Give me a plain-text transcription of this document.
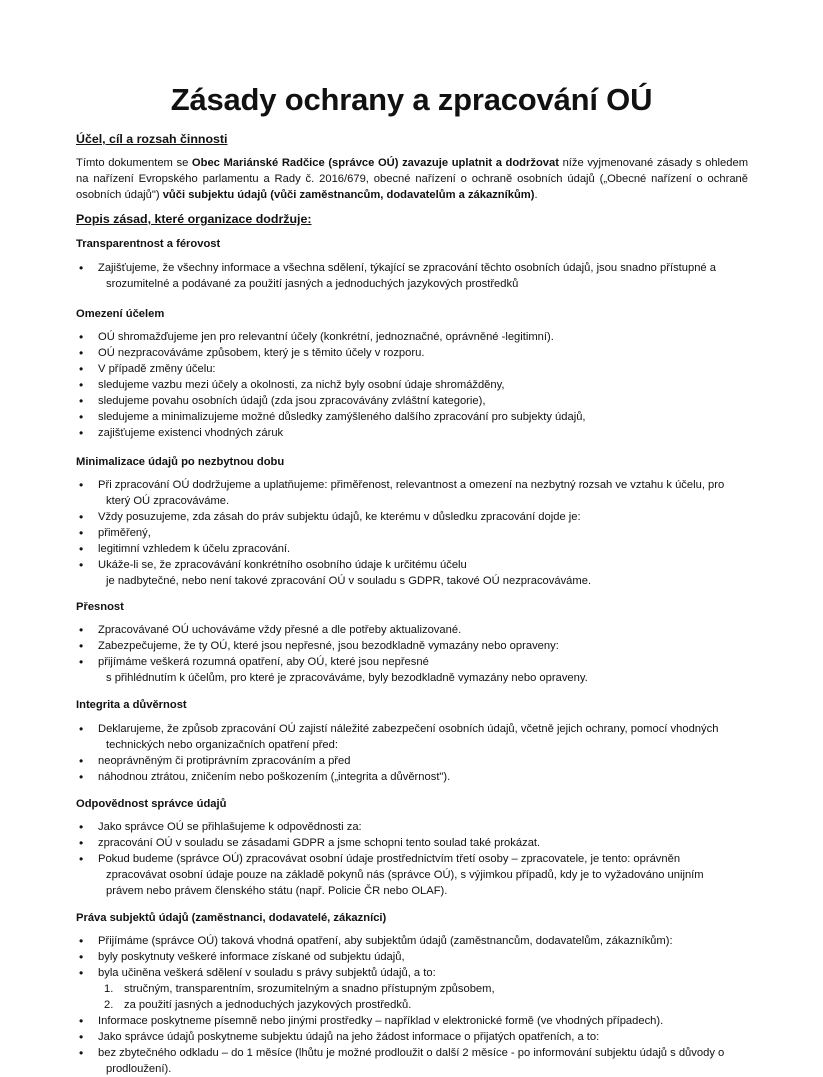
Zásady ochrany a zpracování OÚ
Účel, cíl a rozsah činnosti
Tímto dokumentem se Obec Mariánské Radčice (správce OÚ) zavazuje uplatnit a dodržovat níže vyjmenované zásady s ohledem na nařízení Evropského parlamentu a Rady č. 2016/679, obecné nařízení o ochraně osobních údajů („Obecné nařízení o ochraně osobních údajů") vůči subjektu údajů (vůči zaměstnancům, dodavatelům a zákazníkům).
Popis zásad, které organizace dodržuje:
Transparentnost a férovost
• Zajišťujeme, že všechny informace a všechna sdělení, týkající se zpracování těchto osobních údajů, jsou snadno přístupné a
srozumitelné a podávané za použití jasných a jednoduchých jazykových prostředků
Omezení účelem
• OÚ shromažďujeme jen pro relevantní účely (konkrétní, jednoznačné, oprávněné -legitimní).
• OÚ nezpracováváme způsobem, který je s těmito účely v rozporu.
• V případě změny účelu:
• sledujeme vazbu mezi účely a okolnosti, za nichž byly osobní údaje shromážděny,
• sledujeme povahu osobních údajů (zda jsou zpracovávány zvláštní kategorie),
• sledujeme a minimalizujeme možné důsledky zamýšleného dalšího zpracování pro subjekty údajů,
• zajišťujeme existenci vhodných záruk
Minimalizace údajů po nezbytnou dobu
• Při zpracování OÚ dodržujeme a uplatňujeme: přiměřenost, relevantnost a omezení na nezbytný rozsah ve vztahu k účelu, pro
který OÚ zpracováváme.
• Vždy posuzujeme, zda zásah do práv subjektu údajů, ke kterému v důsledku zpracování dojde je:
• přiměřený,
• legitimní vzhledem k účelu zpracování.
• Ukáže-li se, že zpracovávání konkrétního osobního údaje k určitému účelu
je nadbytečné, nebo není takové zpracování OÚ v souladu s GDPR, takové OÚ nezpracováváme.
Přesnost
• Zpracovávané OÚ uchováváme vždy přesné a dle potřeby aktualizované.
• Zabezpečujeme, že ty OÚ, které jsou nepřesné, jsou bezodkladně vymazány nebo opraveny:
• přijímáme veškerá rozumná opatření, aby OÚ, které jsou nepřesné
s přihlédnutím k účelům, pro které je zpracováváme, byly bezodkladně vymazány nebo opraveny.
Integrita a důvěrnost
• Deklarujeme, že způsob zpracování OÚ zajistí náležité zabezpečení osobních údajů, včetně jejich ochrany, pomocí vhodných
technických nebo organizačních opatření před:
• neoprávněným či protiprávním zpracováním a před
• náhodnou ztrátou, zničením nebo poškozením („integrita a důvěrnost").
Odpovědnost správce údajů
• Jako správce OÚ se přihlašujeme k odpovědnosti za:
• zpracování OÚ v souladu se zásadami GDPR a jsme schopni tento soulad také prokázat.
• Pokud budeme (správce OÚ) zpracovávat osobní údaje prostřednictvím třetí osoby – zpracovatele, je tento: oprávněn
zpracovávat osobní údaje pouze na základě pokynů nás (správce OÚ), s výjimkou případů, kdy je to vyžadováno unijním
právem nebo právem členského státu (např. Policie ČR nebo OLAF).
Práva subjektů údajů (zaměstnanci, dodavatelé, zákazníci)
• Přijímáme (správce OÚ) taková vhodná opatření, aby subjektům údajů (zaměstnancům, dodavatelům, zákazníkům):
• byly poskytnuty veškeré informace získané od subjektu údajů,
• byla učiněna veškerá sdělení v souladu s právy subjektů údajů, a to:
1. stručným, transparentním, srozumitelným a snadno přístupným způsobem,
2. za použití jasných a jednoduchých jazykových prostředků.
• Informace poskytneme písemně nebo jinými prostředky – například v elektronické formě (ve vhodných případech).
• Jako správce údajů poskytneme subjektu údajů na jeho žádost informace o přijatých opatřeních, a to:
• bez zbytečného odkladu – do 1 měsíce (lhůtu je možné prodloužit o další 2 měsíce - po informování subjektu údajů s důvody o
prodloužení).
